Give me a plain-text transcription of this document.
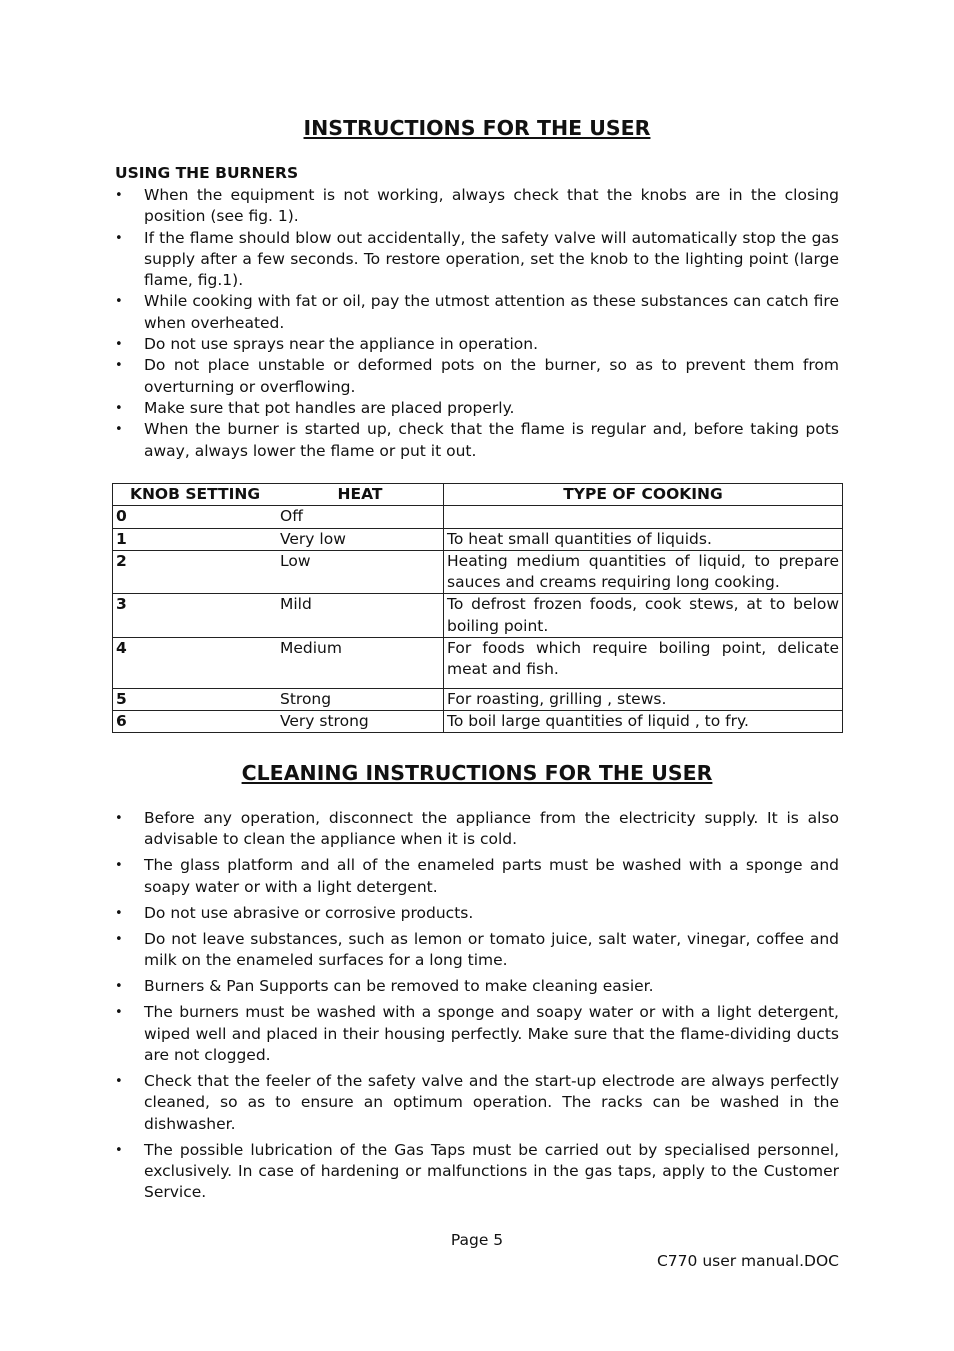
INSTRUCTIONS FOR THE USER
USING THE BURNERS
• When the equipment is not working, always check that the knobs are in the closing position (see fig. 1).
• If the flame should blow out accidentally, the safety valve will automatically stop the gas supply after a few seconds. To restore operation, set the knob to the lighting point (large flame, fig.1).
• While cooking with fat or oil, pay the utmost attention as these substances can catch fire when overheated.
• Do not use sprays near the appliance in operation.
• Do not place unstable or deformed pots on the burner, so as to prevent them from overturning or overflowing.
• Make sure that pot handles are placed properly.
• When the burner is started up, check that the flame is regular and, before taking pots away, always lower the flame or put it out.
KNOB SETTING	HEAT	TYPE OF COOKING
0	Off	
1	Very low	To heat small quantities of liquids.
2	Low	Heating medium quantities of liquid, to prepare sauces and creams requiring long cooking.
3	Mild	To defrost frozen foods, cook stews, at to below boiling point.
4	Medium	For foods which require boiling point, delicate meat and fish.
5	Strong	For roasting, grilling , stews.
6	Very strong	To boil large quantities of liquid , to fry.
CLEANING INSTRUCTIONS FOR THE USER
• Before any operation, disconnect the appliance from the electricity supply. It is also advisable to clean the appliance when it is cold.
• The glass platform and all of the enameled parts must be washed with a sponge and soapy water or with a light detergent.
• Do not use abrasive or corrosive products.
• Do not leave substances, such as lemon or tomato juice, salt water, vinegar, coffee and milk on the enameled surfaces for a long time.
• Burners & Pan Supports can be removed to make cleaning easier.
• The burners must be washed with a sponge and soapy water or with a light detergent, wiped well and placed in their housing perfectly. Make sure that the flame-dividing ducts are not clogged.
• Check that the feeler of the safety valve and the start-up electrode are always perfectly cleaned, so as to ensure an optimum operation. The racks can be washed in the dishwasher.
• The possible lubrication of the Gas Taps must be carried out by specialised personnel, exclusively. In case of hardening or malfunctions in the gas taps, apply to the Customer Service.
Page 5
C770 user manual.DOC
